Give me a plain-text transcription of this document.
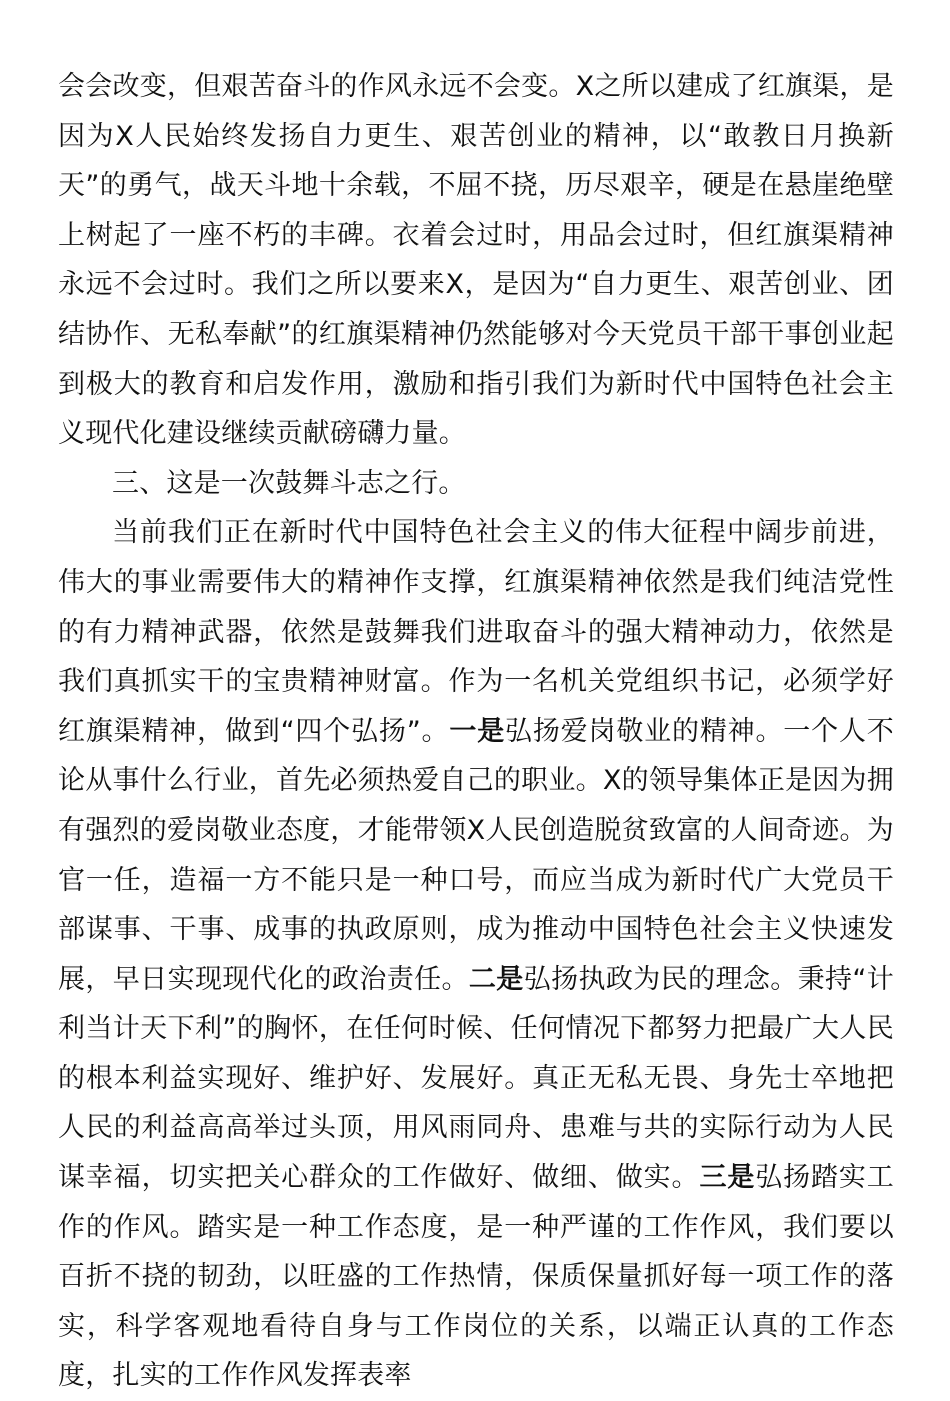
会会改变，但艰苦奋斗的作风永远不会变。X之所以建成了红旗渠，是因为X人民始终发扬自力更生、艰苦创业的精神，以“敢教日月换新天”的勇气，战天斗地十余载，不屈不挠，历尽艰辛，硬是在悬崖绝壁上树起了一座不朽的丰碑。衣着会过时，用品会过时，但红旗渠精神永远不会过时。我们之所以要来X，是因为“自力更生、艰苦创业、团结协作、无私奉献”的红旗渠精神仍然能够对今天党员干部干事创业起到极大的教育和启发作用，激励和指引我们为新时代中国特色社会主义现代化建设继续贡献磅礴力量。

三、这是一次鼓舞斗志之行。

当前我们正在新时代中国特色社会主义的伟大征程中阔步前进，伟大的事业需要伟大的精神作支撑，红旗渠精神依然是我们纯洁党性的有力精神武器，依然是鼓舞我们进取奋斗的强大精神动力，依然是我们真抓实干的宝贵精神财富。作为一名机关党组织书记，必须学好红旗渠精神，做到“四个弘扬”。一是弘扬爱岗敬业的精神。一个人不论从事什么行业，首先必须热爱自己的职业。X的领导集体正是因为拥有强烈的爱岗敬业态度，才能带领X人民创造脱贫致富的人间奇迹。为官一任，造福一方不能只是一种口号，而应当成为新时代广大党员干部谋事、干事、成事的执政原则，成为推动中国特色社会主义快速发展，早日实现现代化的政治责任。二是弘扬执政为民的理念。秉持“计利当计天下利”的胸怀，在任何时候、任何情况下都努力把最广大人民的根本利益实现好、维护好、发展好。真正无私无畏、身先士卒地把人民的利益高高举过头顶，用风雨同舟、患难与共的实际行动为人民谋幸福，切实把关心群众的工作做好、做细、做实。三是弘扬踏实工作的作风。踏实是一种工作态度，是一种严谨的工作作风，我们要以百折不挠的韧劲，以旺盛的工作热情，保质保量抓好每一项工作的落实，科学客观地看待自身与工作岗位的关系，以端正认真的工作态度，扎实的工作作风发挥表率
